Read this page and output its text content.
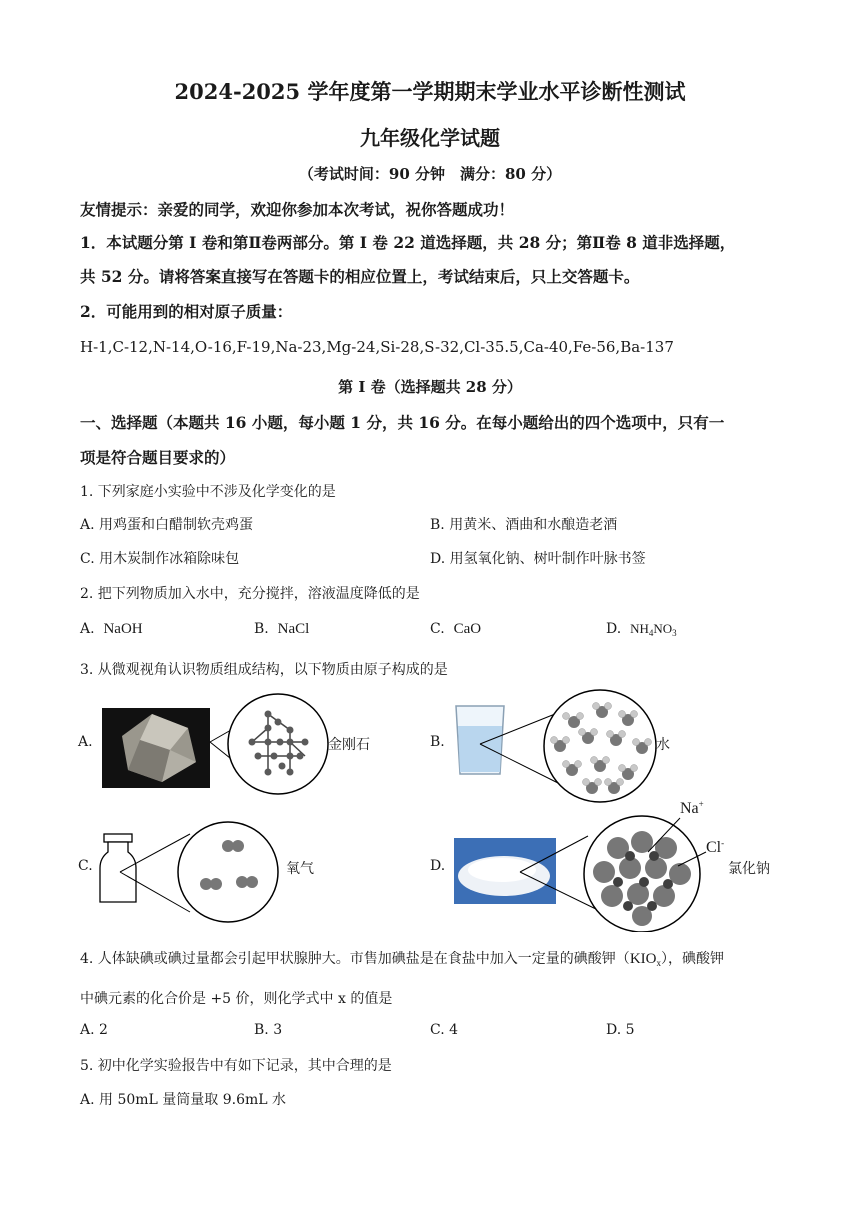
2024-2025 学年度第一学期期末学业水平诊断性测试
九年级化学试题
（考试时间：90 分钟　满分：80 分）
友情提示：亲爱的同学，欢迎你参加本次考试，祝你答题成功！
1．本试题分第 I 卷和第Ⅱ卷两部分。第 I 卷 22 道选择题，共 28 分；第Ⅱ卷 8 道非选择题，
共 52 分。请将答案直接写在答题卡的相应位置上，考试结束后，只上交答题卡。
2．可能用到的相对原子质量：
H-1,C-12,N-14,O-16,F-19,Na-23,Mg-24,Si-28,S-32,Cl-35.5,Ca-40,Fe-56,Ba-137
第 I 卷（选择题共 28 分）
一、选择题（本题共 16 小题，每小题 1 分，共 16 分。在每小题给出的四个选项中，只有一
项是符合题目要求的）
1. 下列家庭小实验中不涉及化学变化的是
A. 用鸡蛋和白醋制软壳鸡蛋	B. 用黄米、酒曲和水酿造老酒
C. 用木炭制作冰箱除味包	D. 用氢氧化钠、树叶制作叶脉书签
2. 把下列物质加入水中，充分搅拌，溶液温度降低的是
A. NaOH	B. NaCl	C. CaO	D. $NH_4NO_3$
3. 从微观视角认识物质组成结构，以下物质由原子构成的是
A.	金刚石	B.	水
C.	氧气	D.
Na+
Cl-
氯化钠
4. 人体缺碘或碘过量都会引起甲状腺肿大。市售加碘盐是在食盐中加入一定量的碘酸钾$(KIO_x)$，碘酸钾
中碘元素的化合价是 +5 价，则化学式中 x 的值是
A. 2	B. 3	C. 4	D. 5
5. 初中化学实验报告中有如下记录，其中合理的是
A. 用 50mL 量筒量取 9.6mL 水
